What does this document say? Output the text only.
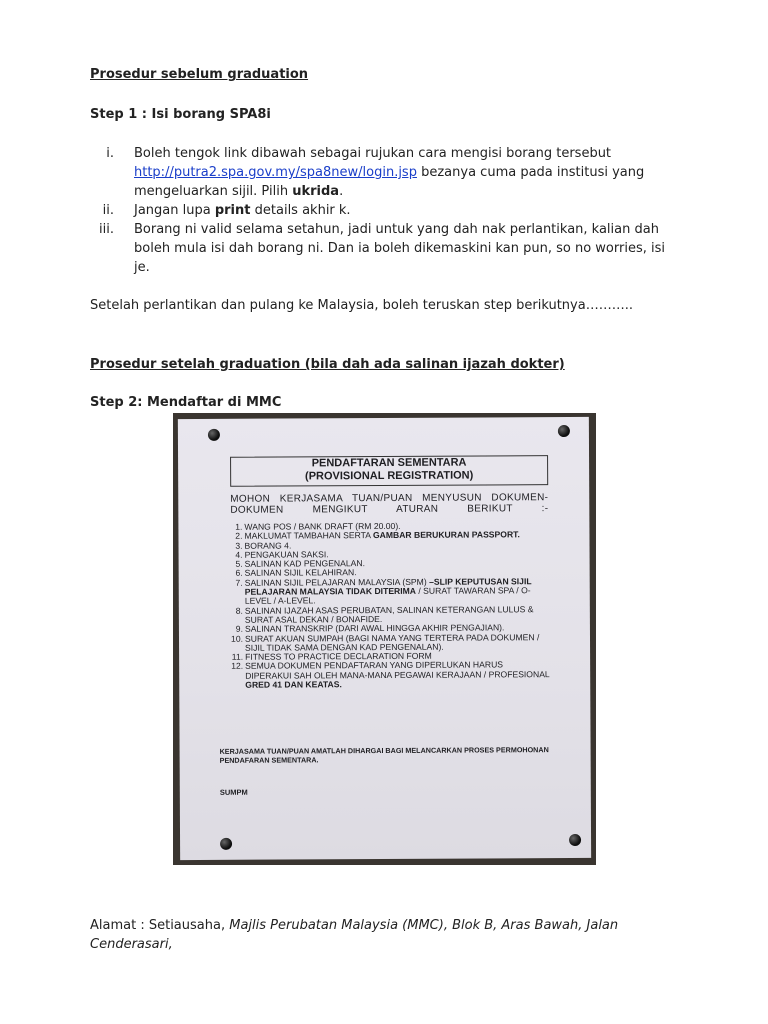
Prosedur sebelum graduation
Step 1 : Isi borang SPA8i
i. Boleh tengok link dibawah sebagai rujukan cara mengisi borang tersebut http://putra2.spa.gov.my/spa8new/login.jsp bezanya cuma pada institusi yang mengeluarkan sijil. Pilih ukrida.
ii. Jangan lupa print details akhir k.
iii. Borang ni valid selama setahun, jadi untuk yang dah nak perlantikan, kalian dah boleh mula isi dah borang ni. Dan ia boleh dikemaskini kan pun, so no worries, isi je.
Setelah perlantikan dan pulang ke Malaysia, boleh teruskan step berikutnya………..
Prosedur setelah graduation (bila dah ada salinan ijazah dokter)
Step 2: Mendaftar di MMC
PENDAFTARAN SEMENTARA
(PROVISIONAL REGISTRATION)
MOHON KERJASAMA TUAN/PUAN MENYUSUN DOKUMEN-DOKUMEN MENGIKUT ATURAN BERIKUT :-
1. WANG POS / BANK DRAFT (RM 20.00).
2. MAKLUMAT TAMBAHAN SERTA GAMBAR BERUKURAN PASSPORT.
3. BORANG 4.
4. PENGAKUAN SAKSI.
5. SALINAN KAD PENGENALAN.
6. SALINAN SIJIL KELAHIRAN.
7. SALINAN SIJIL PELAJARAN MALAYSIA (SPM) –SLIP KEPUTUSAN SIJIL PELAJARAN MALAYSIA TIDAK DITERIMA / SURAT TAWARAN SPA / O-LEVEL / A-LEVEL.
8. SALINAN IJAZAH ASAS PERUBATAN, SALINAN KETERANGAN LULUS & SURAT ASAL DEKAN / BONAFIDE.
9. SALINAN TRANSKRIP (DARI AWAL HINGGA AKHIR PENGAJIAN).
10. SURAT AKUAN SUMPAH (BAGI NAMA YANG TERTERA PADA DOKUMEN / SIJIL TIDAK SAMA DENGAN KAD PENGENALAN).
11. FITNESS TO PRACTICE DECLARATION FORM
12. SEMUA DOKUMEN PENDAFTARAN YANG DIPERLUKAN HARUS DIPERAKUI SAH OLEH MANA-MANA PEGAWAI KERAJAAN / PROFESIONAL GRED 41 DAN KEATAS.
KERJASAMA TUAN/PUAN AMATLAH DIHARGAI BAGI MELANCARKAN PROSES PERMOHONAN PENDAFARAN SEMENTARA.
SUMPM
Alamat : Setiausaha, Majlis Perubatan Malaysia (MMC), Blok B, Aras Bawah, Jalan Cenderasari,
